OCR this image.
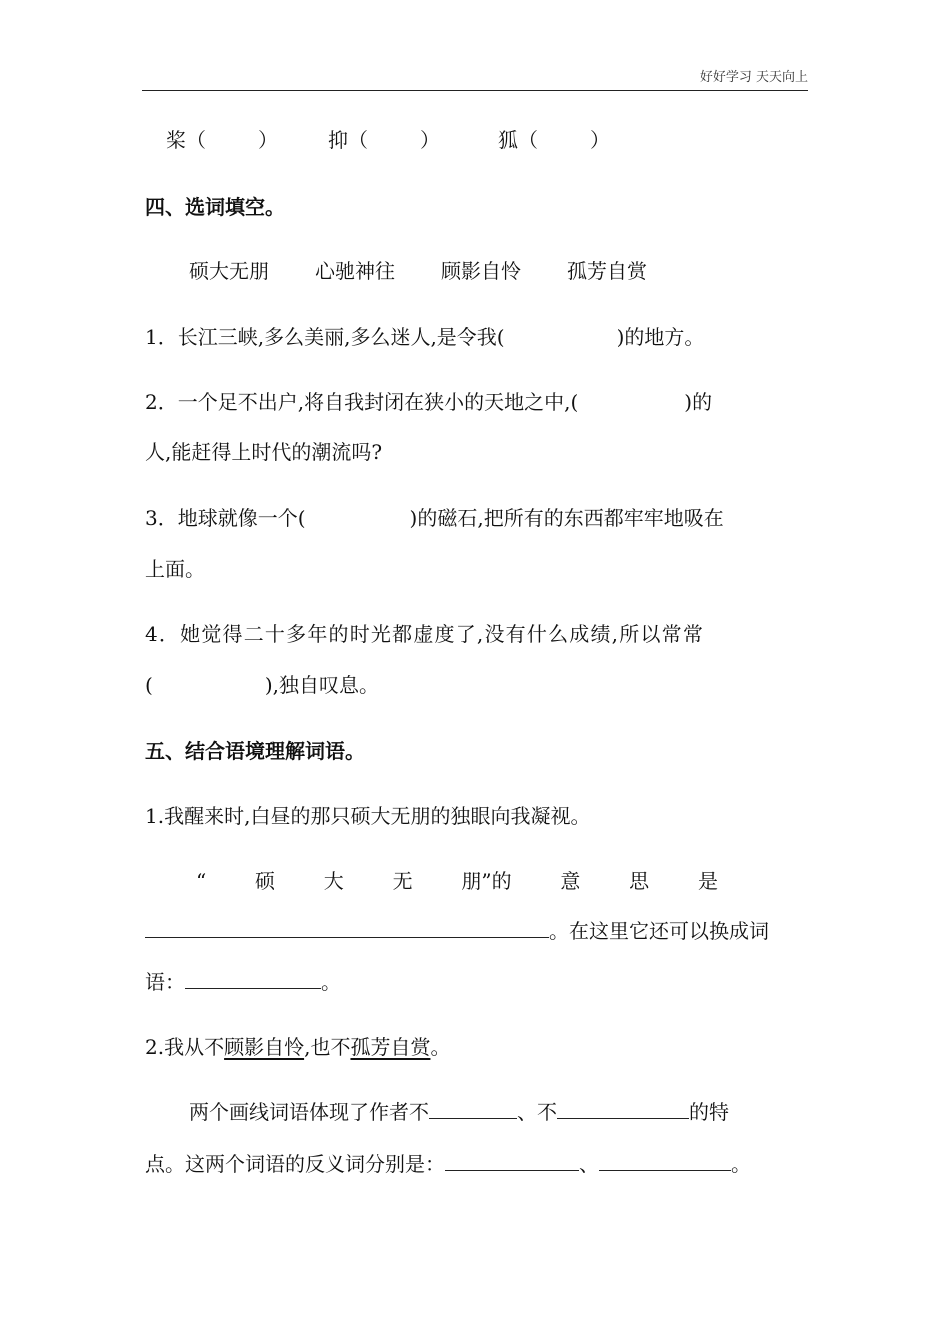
好好学习 天天向上
桨（	）	抑（	）	狐（	）
四、选词填空。
硕大无朋 心驰神往 顾影自怜 孤芳自赏
1．长江三峡,多么美丽,多么迷人,是令我(	)的地方。
2．一个足不出户,将自我封闭在狭小的天地之中,(	)的
人,能赶得上时代的潮流吗?
3．地球就像一个(	)的磁石,把所有的东西都牢牢地吸在
上面。
4．她觉得二十多年的时光都虚度了,没有什么成绩,所以常常
(	),独自叹息。
五、结合语境理解词语。
1.我醒来时,白昼的那只硕大无朋的独眼向我凝视。
“ 硕 大 无 朋”的 意 思 是
。在这里它还可以换成词
语：	。
2.我从不顾影自怜,也不孤芳自赏。
两个画线词语体现了作者不	、不	的特
点。这两个词语的反义词分别是：	、	。
